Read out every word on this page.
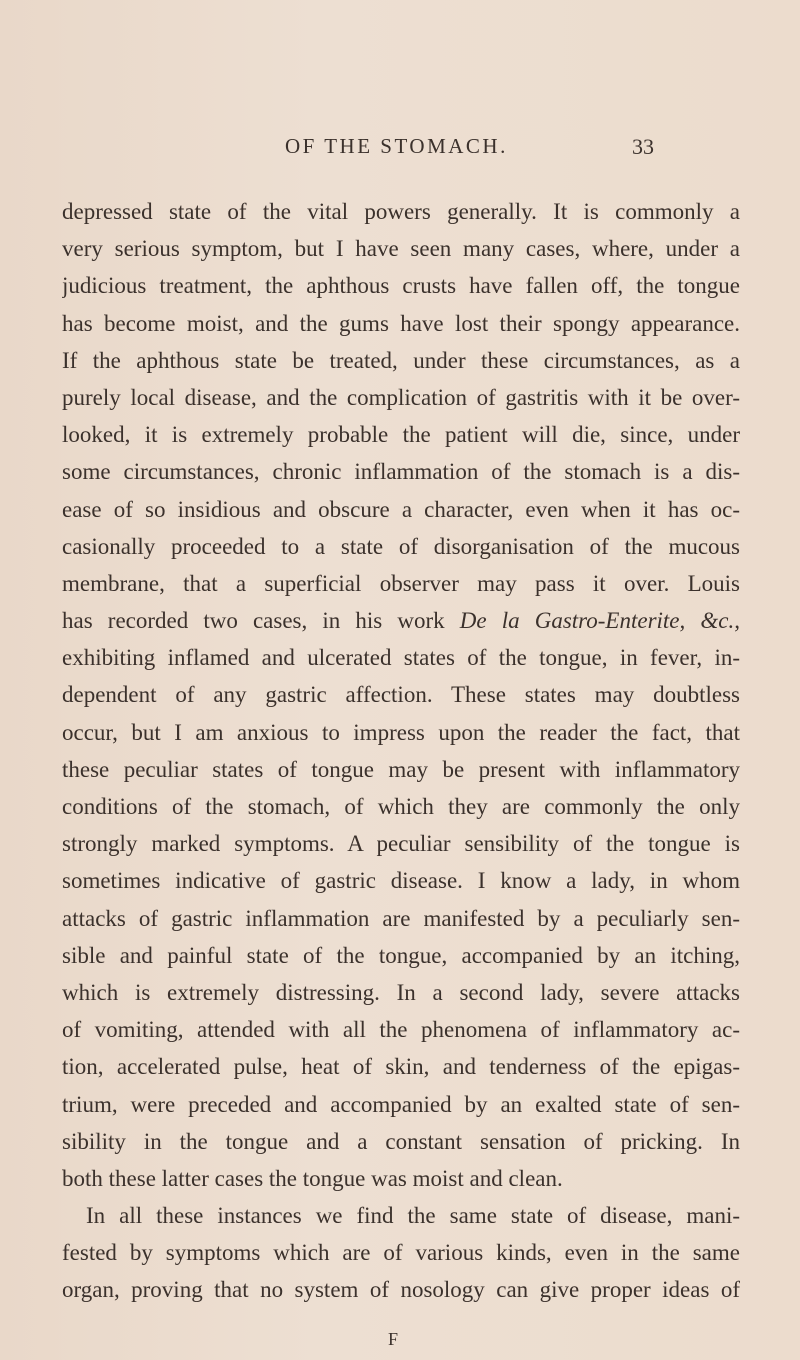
OF THE STOMACH.	33
depressed state of the vital powers generally. It is commonly a
very serious symptom, but I have seen many cases, where, under a
judicious treatment, the aphthous crusts have fallen off, the tongue
has become moist, and the gums have lost their spongy appearance.
If the aphthous state be treated, under these circumstances, as a
purely local disease, and the complication of gastritis with it be over-
looked, it is extremely probable the patient will die, since, under
some circumstances, chronic inflammation of the stomach is a dis-
ease of so insidious and obscure a character, even when it has oc-
casionally proceeded to a state of disorganisation of the mucous
membrane, that a superficial observer may pass it over. Louis
has recorded two cases, in his work De la Gastro-Enterite, &c.,
exhibiting inflamed and ulcerated states of the tongue, in fever, in-
dependent of any gastric affection. These states may doubtless
occur, but I am anxious to impress upon the reader the fact, that
these peculiar states of tongue may be present with inflammatory
conditions of the stomach, of which they are commonly the only
strongly marked symptoms. A peculiar sensibility of the tongue is
sometimes indicative of gastric disease. I know a lady, in whom
attacks of gastric inflammation are manifested by a peculiarly sen-
sible and painful state of the tongue, accompanied by an itching,
which is extremely distressing. In a second lady, severe attacks
of vomiting, attended with all the phenomena of inflammatory ac-
tion, accelerated pulse, heat of skin, and tenderness of the epigas-
trium, were preceded and accompanied by an exalted state of sen-
sibility in the tongue and a constant sensation of pricking. In
both these latter cases the tongue was moist and clean.
In all these instances we find the same state of disease, mani-
fested by symptoms which are of various kinds, even in the same
organ, proving that no system of nosology can give proper ideas of
F
